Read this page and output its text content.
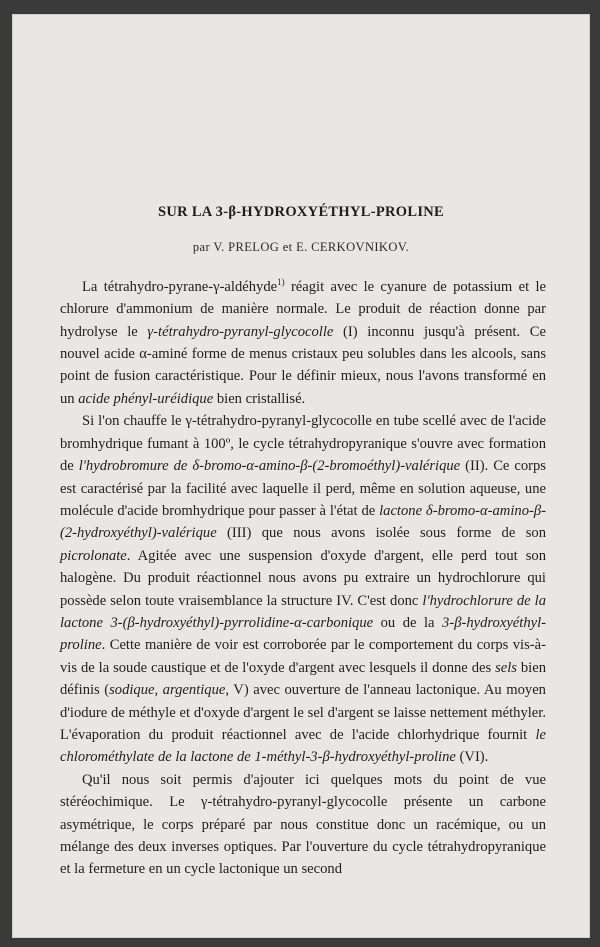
SUR LA 3-β-HYDROXYÉTHYL-PROLINE
par V. PRELOG et E. CERKOVNIKOV.

La tétrahydro-pyrane-γ-aldéhyde$^{1)}$ réagit avec le cyanure de potassium et le chlorure d'ammonium de manière normale. Le produit de réaction donne par hydrolyse le γ-tétrahydro-pyranyl-glycocolle (I) inconnu jusqu'à présent. Ce nouvel acide α-aminé forme de menus cristaux peu solubles dans les alcools, sans point de fusion caractéristique. Pour le définir mieux, nous l'avons transformé en un acide phényl-uréidique bien cristallisé.

Si l'on chauffe le γ-tétrahydro-pyranyl-glycocolle en tube scellé avec de l'acide bromhydrique fumant à 100º, le cycle tétrahydropyranique s'ouvre avec formation de l'hydrobromure de δ-bromo-α-amino-β-(2-bromoéthyl)-valérique (II). Ce corps est caractérisé par la facilité avec laquelle il perd, même en solution aqueuse, une molécule d'acide bromhydrique pour passer à l'état de lactone δ-bromo-α-amino-β-(2-hydroxyéthyl)-valérique (III) que nous avons isolée sous forme de son picrolonate. Agitée avec une suspension d'oxyde d'argent, elle perd tout son halogène. Du produit réactionnel nous avons pu extraire un hydrochlorure qui possède selon toute vraisemblance la structure IV. C'est donc l'hydrochlorure de la lactone 3-(β-hydroxyéthyl)-pyrrolidine-α-carbonique ou de la 3-β-hydroxyéthyl-proline. Cette manière de voir est corroborée par le comportement du corps vis-à-vis de la soude caustique et de l'oxyde d'argent avec lesquels il donne des sels bien définis (sodique, argentique, V) avec ouverture de l'anneau lactonique. Au moyen d'iodure de méthyle et d'oxyde d'argent le sel d'argent se laisse nettement méthyler. L'évaporation du produit réactionnel avec de l'acide chlorhydrique fournit le chlorométhylate de la lactone de 1-méthyl-3-β-hydroxyéthyl-proline (VI).

Qu'il nous soit permis d'ajouter ici quelques mots du point de vue stéréochimique. Le γ-tétrahydro-pyranyl-glycocolle présente un carbone asymétrique, le corps préparé par nous constitue donc un racémique, ou un mélange des deux inverses optiques. Par l'ouverture du cycle tétrahydropyranique et la fermeture en un cycle lactonique un second
